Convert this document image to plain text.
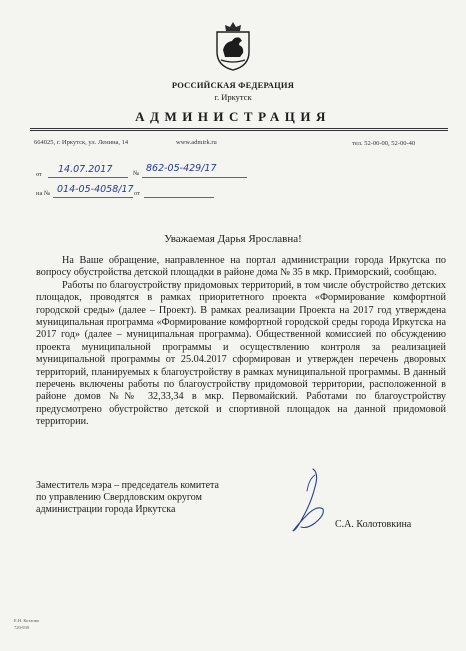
РОССИЙСКАЯ ФЕДЕРАЦИЯ
г. Иркутск
АДМИНИСТРАЦИЯ
664025, г. Иркутск, ул. Ленина, 14	www.admirk.ru	тел. 52-00-00, 52-00-40
от 14.07.2017	№ 862-05-429/17
на № 014-05-4058/17 от
Уважаемая Дарья Ярославна!

На Ваше обращение, направленное на портал администрации города Иркутска по вопросу обустройства детской площадки в районе дома № 35 в мкр. Приморский, сообщаю.

Работы по благоустройству придомовых территорий, в том числе обустройство детских площадок, проводятся в рамках приоритетного проекта «Формирование комфортной городской среды» (далее – Проект). В рамках реализации Проекта на 2017 год утверждена муниципальная программа «Формирование комфортной городской среды города Иркутска на 2017 год» (далее – муниципальная программа). Общественной комиссией по обсуждению проекта муниципальной программы и осуществлению контроля за реализацией муниципальной программы от 25.04.2017 сформирован и утвержден перечень дворовых территорий, планируемых к благоустройству в рамках муниципальной программы. В данный перечень включены работы по благоустройству придомовой территории, расположенной в районе домов №№ 32,33,34 в мкр. Первомайский. Работами по благоустройству предусмотрено обустройство детской и спортивной площадок на данной придомовой территории.

Заместитель мэра – председатель комитета
по управлению Свердловским округом
администрации города Иркутска
С.А. Колотовкина
Е.Н. Козлова
720-939
